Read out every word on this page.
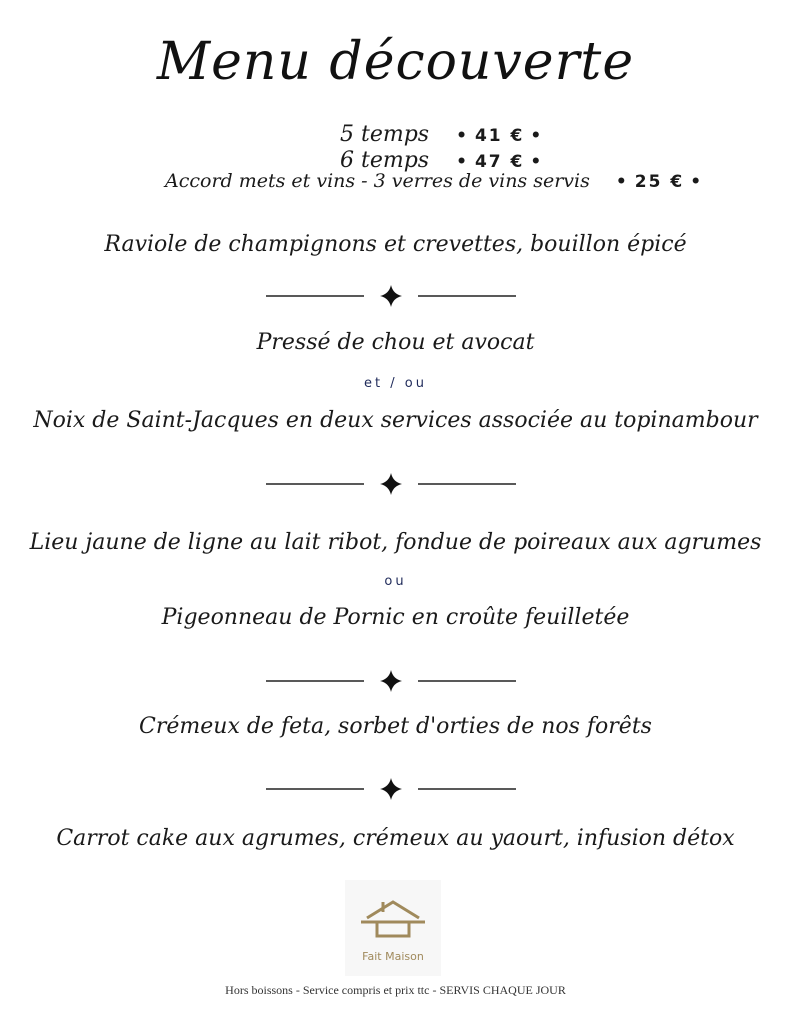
Menu découverte
5 temps • 41 € •
6 temps • 47 € •
Accord mets et vins - 3 verres de vins servis • 25 € •
Raviole de champignons et crevettes, bouillon épicé
Pressé de chou et avocat
et / ou
Noix de Saint-Jacques en deux services associée au topinambour
Lieu jaune de ligne au lait ribot, fondue de poireaux aux agrumes
ou
Pigeonneau de Pornic en croûte feuilletée
Crémeux de feta, sorbet d'orties de nos forêts
Carrot cake aux agrumes, crémeux au yaourt, infusion détox
Fait Maison
Hors boissons - Service compris et prix ttc - SERVIS CHAQUE JOUR
